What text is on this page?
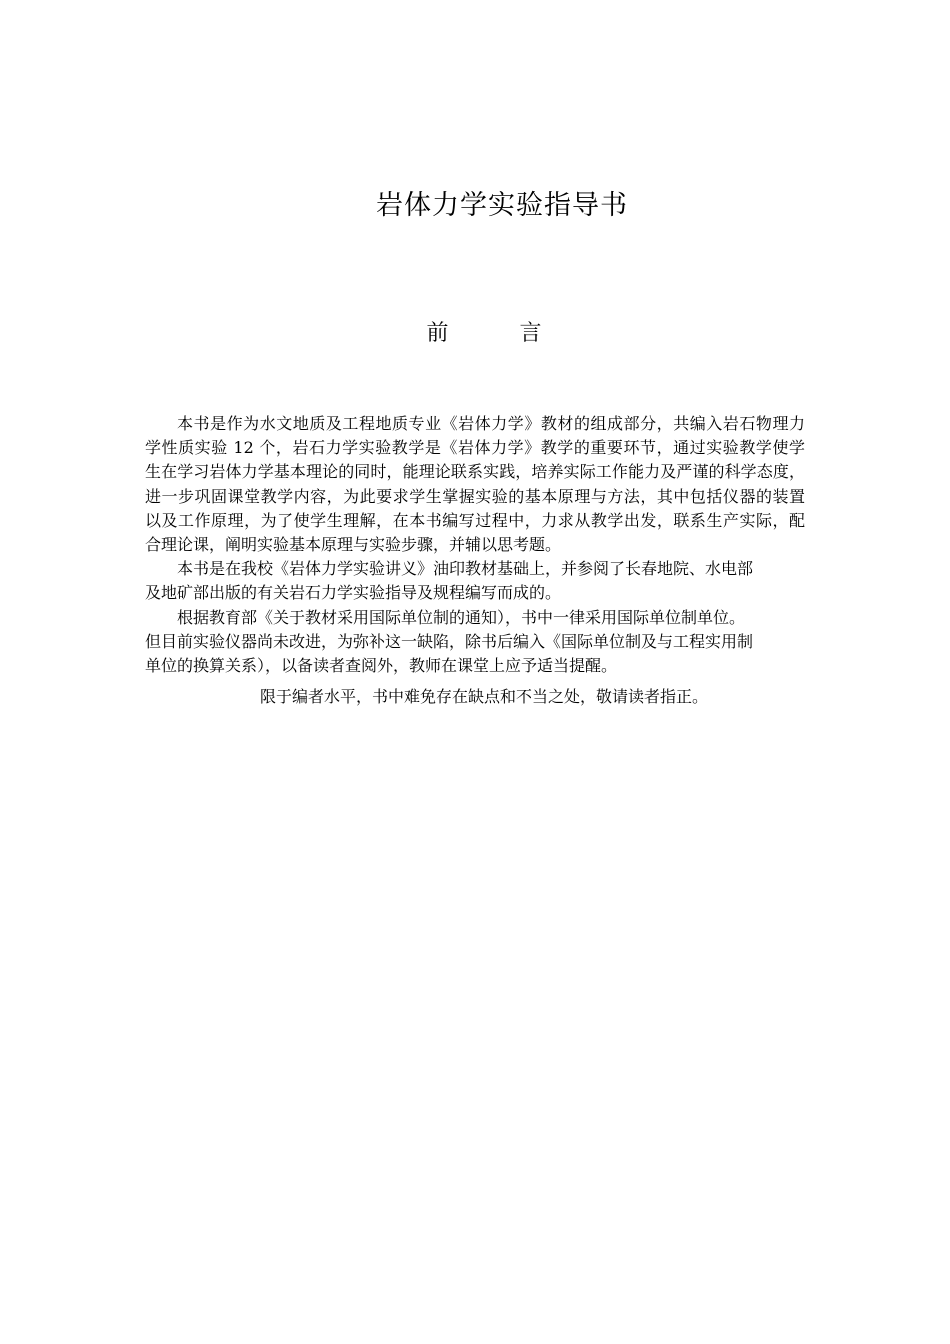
岩体力学实验指导书
前 言
本书是作为水文地质及工程地质专业《岩体力学》教材的组成部分，共编入岩石物理力
学性质实验 12 个，岩石力学实验教学是《岩体力学》教学的重要环节，通过实验教学使学
生在学习岩体力学基本理论的同时，能理论联系实践，培养实际工作能力及严谨的科学态度，
进一步巩固课堂教学内容，为此要求学生掌握实验的基本原理与方法，其中包括仪器的装置
以及工作原理，为了使学生理解，在本书编写过程中，力求从教学出发，联系生产实际，配
合理论课，阐明实验基本原理与实验步骤，并辅以思考题。
本书是在我校《岩体力学实验讲义》油印教材基础上，并参阅了长春地院、水电部
及地矿部出版的有关岩石力学实验指导及规程编写而成的。
根据教育部《关于教材采用国际单位制的通知），书中一律采用国际单位制单位。
但目前实验仪器尚未改进，为弥补这一缺陷，除书后编入《国际单位制及与工程实用制
单位的换算关系），以备读者查阅外，教师在课堂上应予适当提醒。
限于编者水平，书中难免存在缺点和不当之处，敬请读者指正。
